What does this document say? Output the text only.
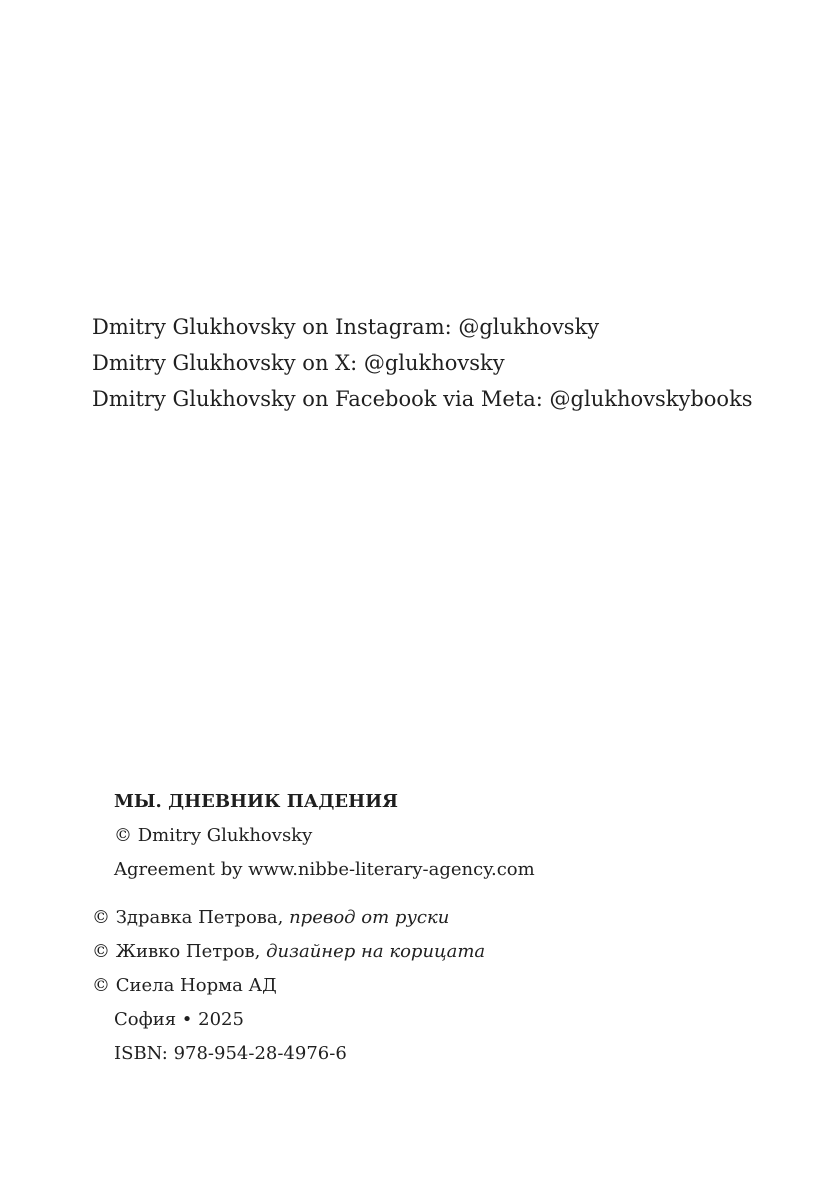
Dmitry Glukhovsky on Instagram: @glukhovsky
Dmitry Glukhovsky on X: @glukhovsky
Dmitry Glukhovsky on Facebook via Meta: @glukhovskybooks
МЫ. ДНЕВНИК ПАДЕНИЯ
© Dmitry Glukhovsky
Agreement by www.nibbe-literary-agency.com
© Здравка Петрова, превод от руски
© Живко Петров, дизайнер на корицата
© Сиела Норма АД
София • 2025
ISBN: 978-954-28-4976-6
